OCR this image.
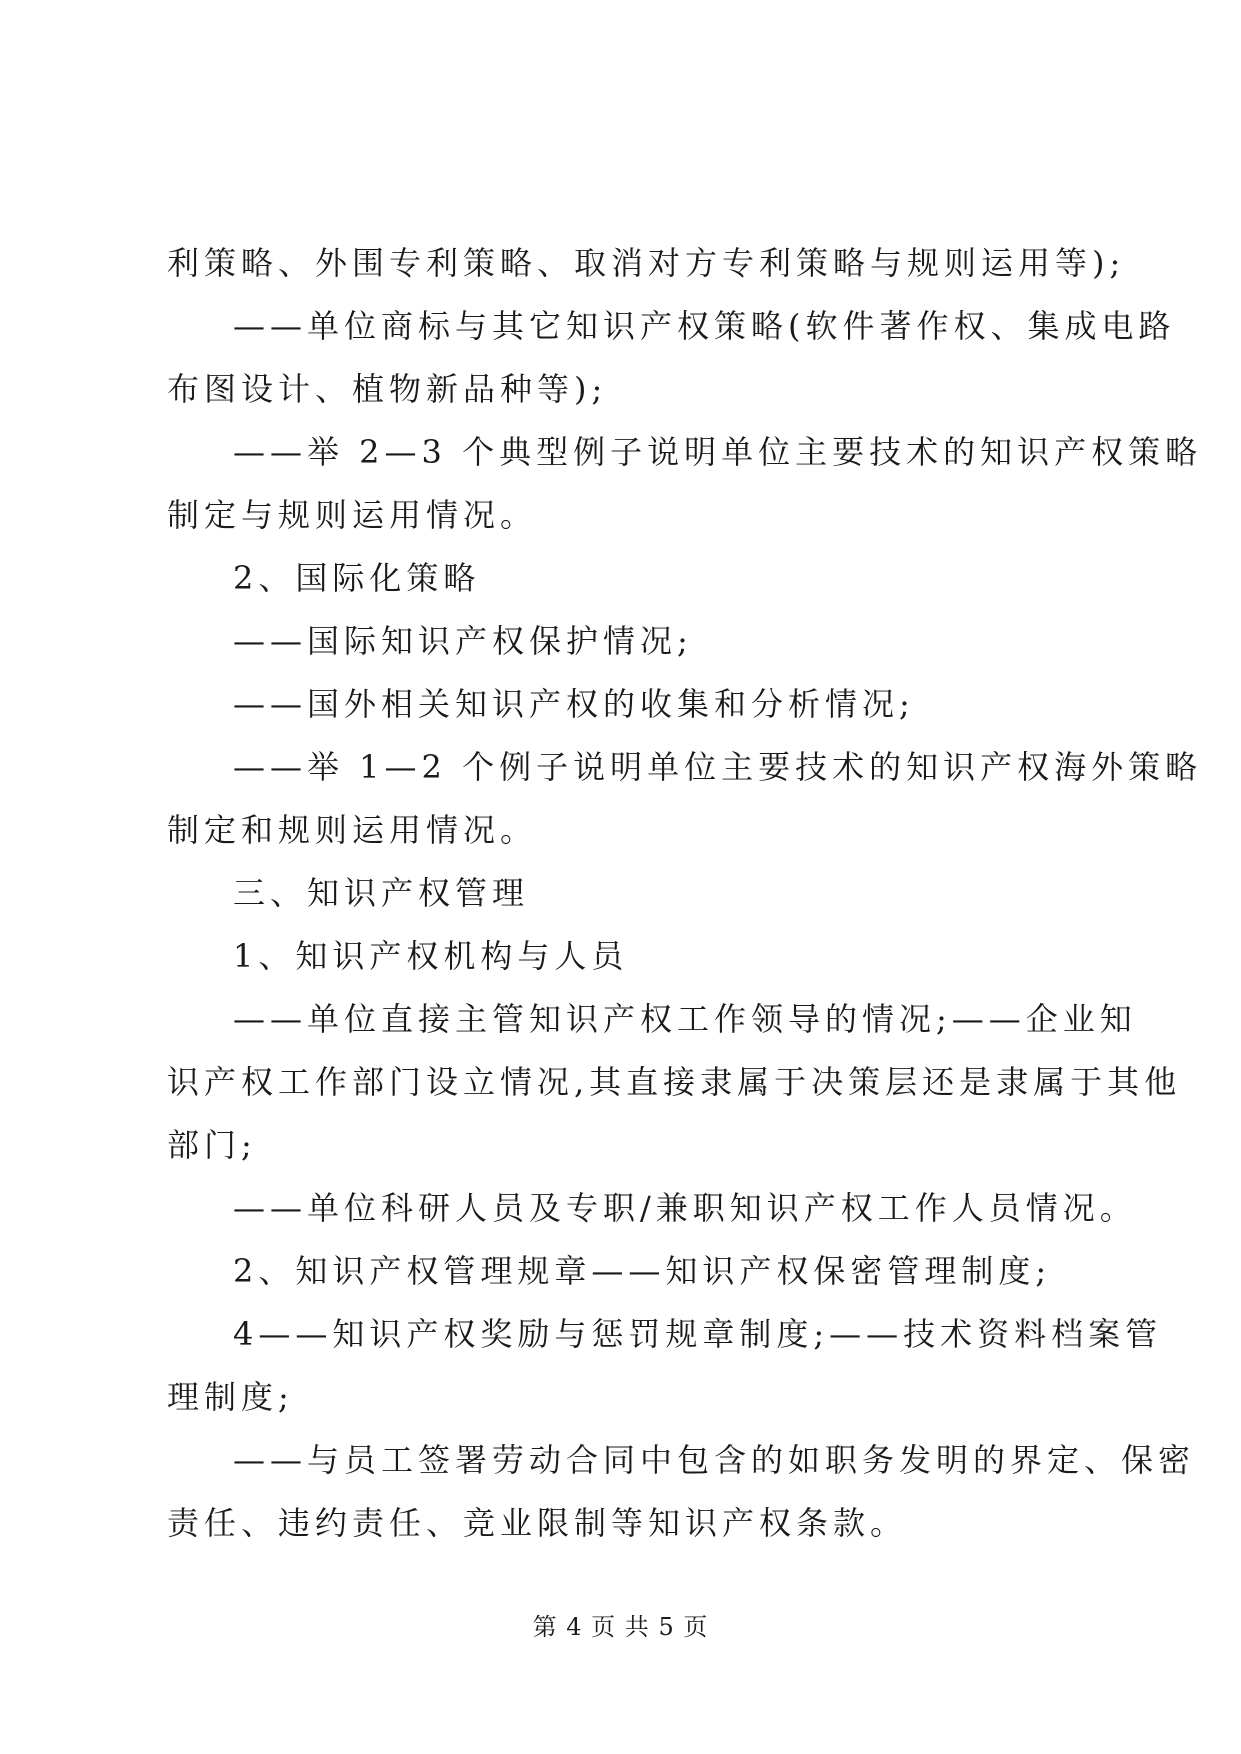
利策略、外围专利策略、取消对方专利策略与规则运用等);
——单位商标与其它知识产权策略(软件著作权、集成电路
布图设计、植物新品种等);
——举 2—3 个典型例子说明单位主要技术的知识产权策略
制定与规则运用情况。
2、国际化策略
——国际知识产权保护情况;
——国外相关知识产权的收集和分析情况;
——举 1—2 个例子说明单位主要技术的知识产权海外策略
制定和规则运用情况。
三、知识产权管理
1、知识产权机构与人员
——单位直接主管知识产权工作领导的情况;——企业知
识产权工作部门设立情况,其直接隶属于决策层还是隶属于其他
部门;
——单位科研人员及专职/兼职知识产权工作人员情况。
2、知识产权管理规章——知识产权保密管理制度;
4——知识产权奖励与惩罚规章制度;——技术资料档案管
理制度;
——与员工签署劳动合同中包含的如职务发明的界定、保密
责任、违约责任、竞业限制等知识产权条款。
第 4 页 共 5 页
